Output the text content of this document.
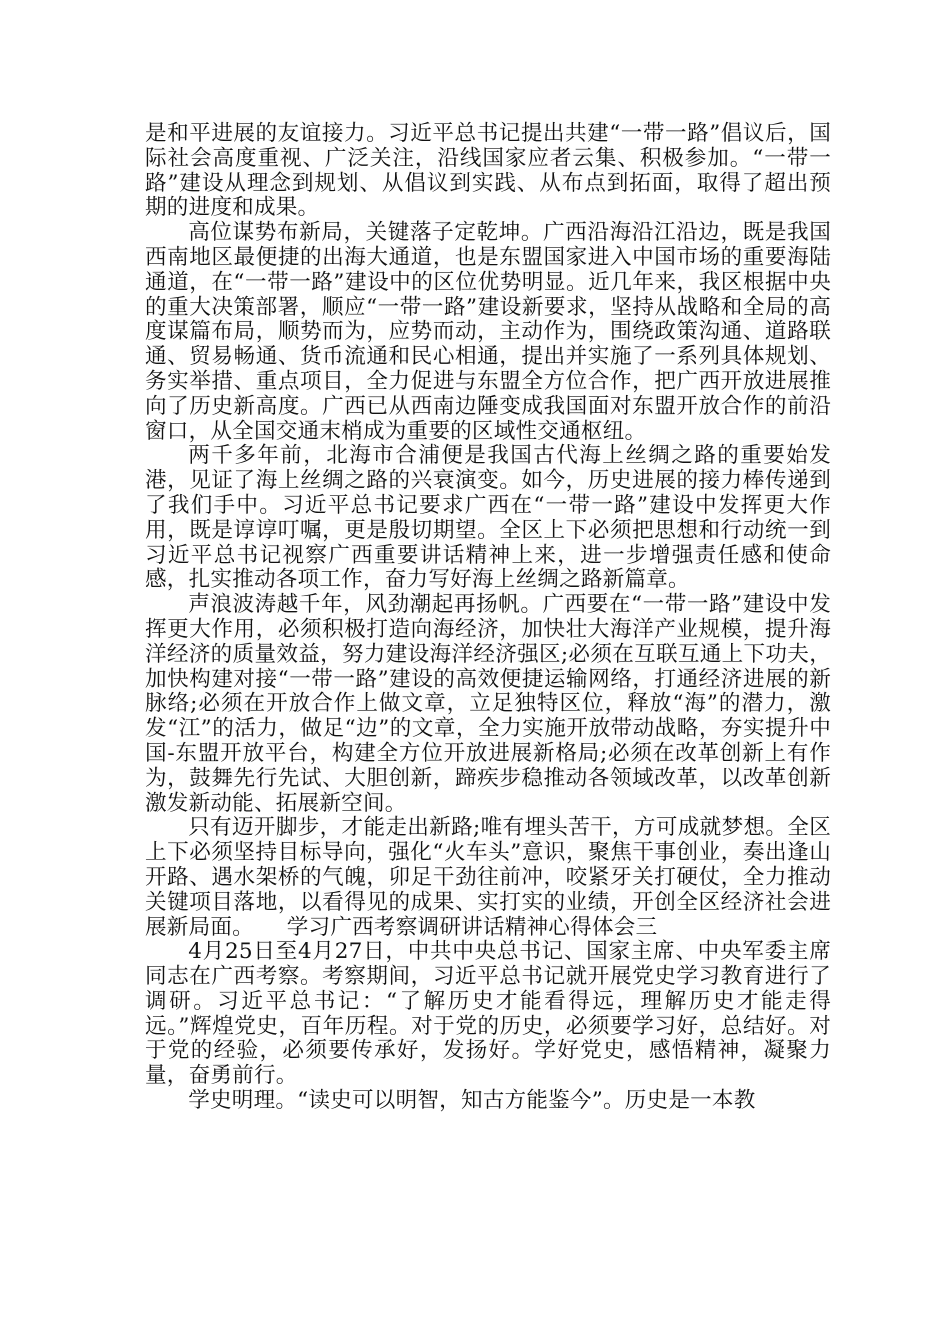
是和平进展的友谊接力。习近平总书记提出共建“一带一路”倡议后，国际社会高度重视、广泛关注，沿线国家应者云集、积极参加。“一带一路”建设从理念到规划、从倡议到实践、从布点到拓面，取得了超出预期的进度和成果。

高位谋势布新局，关键落子定乾坤。广西沿海沿江沿边，既是我国西南地区最便捷的出海大通道，也是东盟国家进入中国市场的重要海陆通道，在“一带一路”建设中的区位优势明显。近几年来，我区根据中央的重大决策部署，顺应“一带一路”建设新要求，坚持从战略和全局的高度谋篇布局，顺势而为，应势而动，主动作为，围绕政策沟通、道路联通、贸易畅通、货币流通和民心相通，提出并实施了一系列具体规划、务实举措、重点项目，全力促进与东盟全方位合作，把广西开放进展推向了历史新高度。广西已从西南边陲变成我国面对东盟开放合作的前沿窗口，从全国交通末梢成为重要的区域性交通枢纽。

两千多年前，北海市合浦便是我国古代海上丝绸之路的重要始发港，见证了海上丝绸之路的兴衰演变。如今，历史进展的接力棒传递到了我们手中。习近平总书记要求广西在“一带一路”建设中发挥更大作用，既是谆谆叮嘱，更是殷切期望。全区上下必须把思想和行动统一到习近平总书记视察广西重要讲话精神上来，进一步增强责任感和使命感，扎实推动各项工作，奋力写好海上丝绸之路新篇章。

声浪波涛越千年，风劲潮起再扬帆。广西要在“一带一路”建设中发挥更大作用，必须积极打造向海经济，加快壮大海洋产业规模，提升海洋经济的质量效益，努力建设海洋经济强区;必须在互联互通上下功夫，加快构建对接“一带一路”建设的高效便捷运输网络，打通经济进展的新脉络;必须在开放合作上做文章，立足独特区位，释放“海”的潜力，激发“江”的活力，做足“边”的文章，全力实施开放带动战略，夯实提升中国-东盟开放平台，构建全方位开放进展新格局;必须在改革创新上有作为，鼓舞先行先试、大胆创新，蹄疾步稳推动各领域改革，以改革创新激发新动能、拓展新空间。

只有迈开脚步，才能走出新路;唯有埋头苦干，方可成就梦想。全区上下必须坚持目标导向，强化“火车头”意识，聚焦干事创业，奏出逢山开路、遇水架桥的气魄，卯足干劲往前冲，咬紧牙关打硬仗，全力推动关键项目落地，以看得见的成果、实打实的业绩，开创全区经济社会进展新局面。　　学习广西考察调研讲话精神心得体会三

4月25日至4月27日，中共中央总书记、国家主席、中央军委主席同志在广西考察。考察期间，习近平总书记就开展党史学习教育进行了调研。习近平总书记：“了解历史才能看得远，理解历史才能走得远。”辉煌党史，百年历程。对于党的历史，必须要学习好，总结好。对于党的经验，必须要传承好，发扬好。学好党史，感悟精神，凝聚力量，奋勇前行。

学史明理。“读史可以明智，知古方能鉴今”。历史是一本教
